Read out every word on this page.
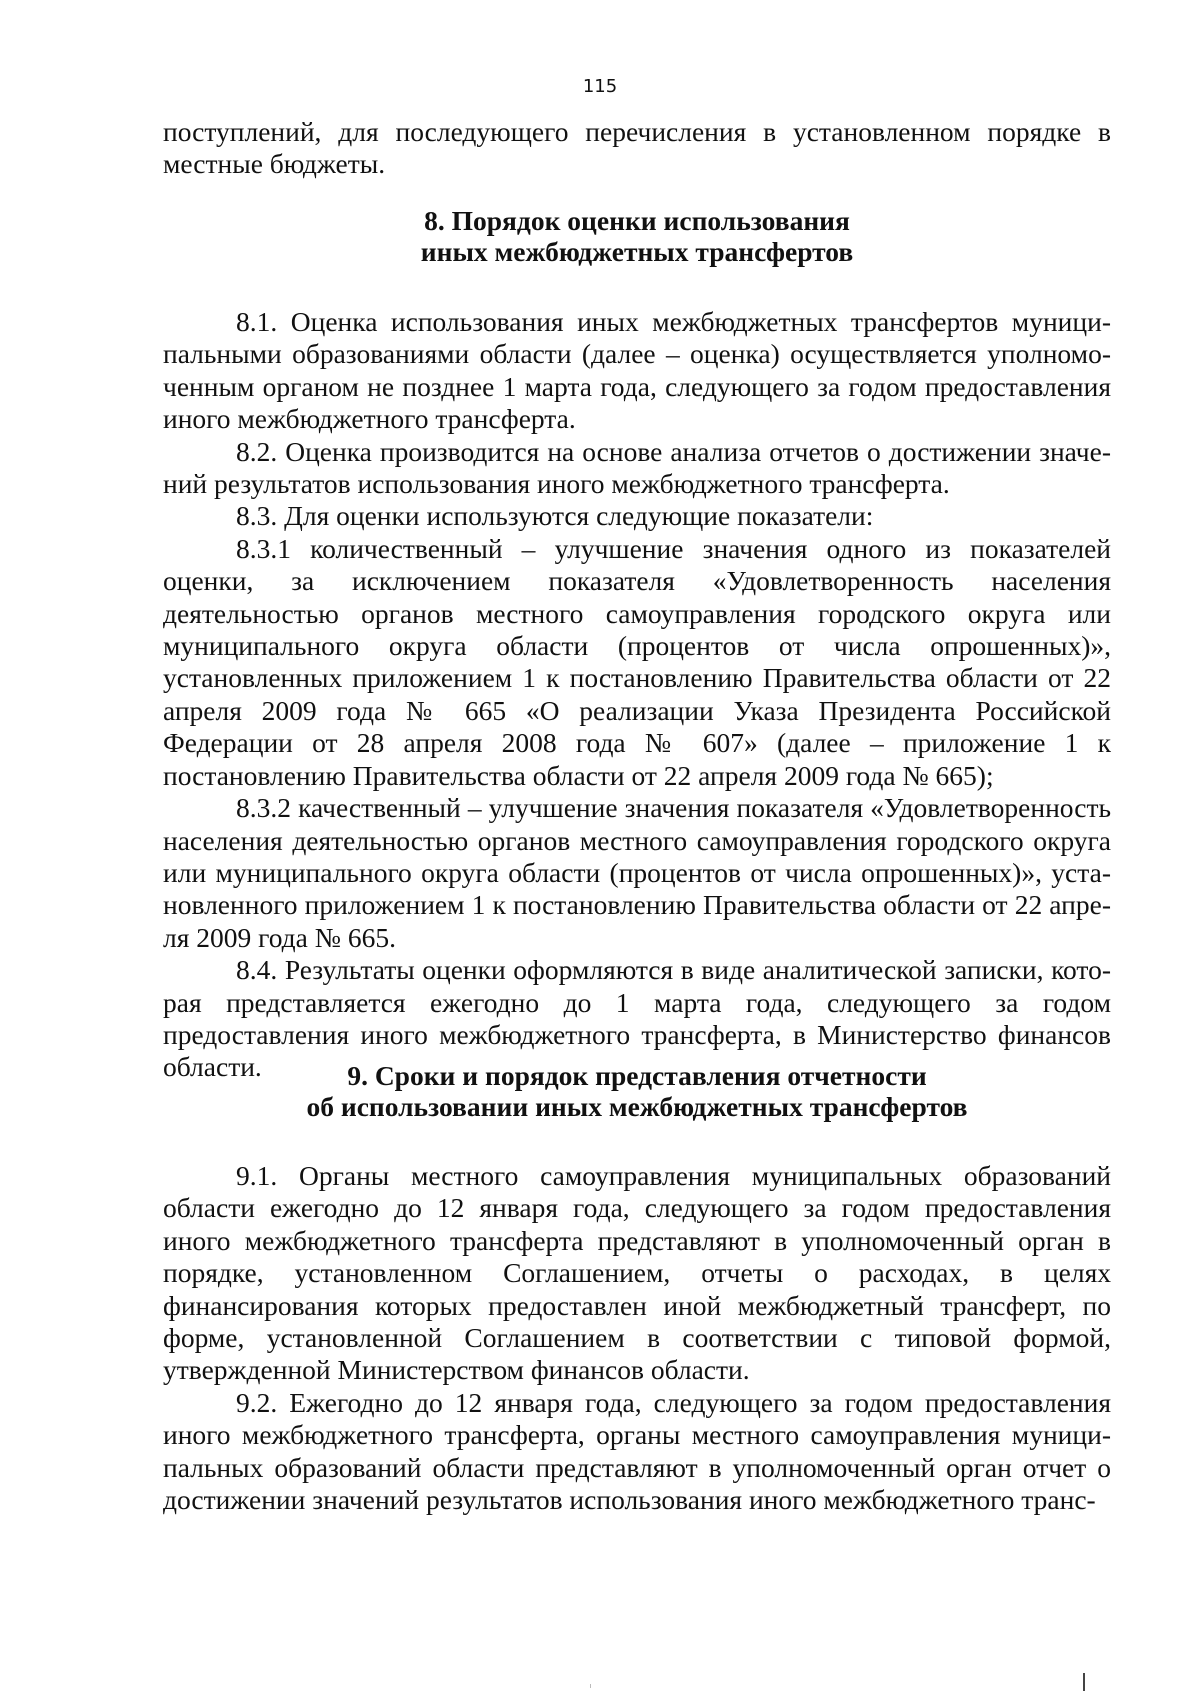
115

поступлений, для последующего перечисления в установленном порядке в местные бюджеты.

8. Порядок оценки использования
иных межбюджетных трансфертов

8.1. Оценка использования иных межбюджетных трансфертов муниципальными образованиями области (далее – оценка) осуществляется уполномоченным органом не позднее 1 марта года, следующего за годом предоставления иного межбюджетного трансферта.

8.2. Оценка производится на основе анализа отчетов о достижении значений результатов использования иного межбюджетного трансферта.

8.3. Для оценки используются следующие показатели:

8.3.1 количественный – улучшение значения одного из показателей оценки, за исключением показателя «Удовлетворенность населения деятельностью органов местного самоуправления городского округа или муниципального округа области (процентов от числа опрошенных)», установленных приложением 1 к постановлению Правительства области от 22 апреля 2009 года № 665 «О реализации Указа Президента Российской Федерации от 28 апреля 2008 года № 607» (далее – приложение 1 к постановлению Правительства области от 22 апреля 2009 года № 665);

8.3.2 качественный – улучшение значения показателя «Удовлетворенность населения деятельностью органов местного самоуправления городского округа или муниципального округа области (процентов от числа опрошенных)», установленного приложением 1 к постановлению Правительства области от 22 апреля 2009 года № 665.

8.4. Результаты оценки оформляются в виде аналитической записки, которая представляется ежегодно до 1 марта года, следующего за годом предоставления иного межбюджетного трансферта, в Министерство финансов области.	9. Сроки и порядок представления отчетности
об использовании иных межбюджетных трансфертов

9.1. Органы местного самоуправления муниципальных образований области ежегодно до 12 января года, следующего за годом предоставления иного межбюджетного трансферта представляют в уполномоченный орган в порядке, установленном Соглашением, отчеты о расходах, в целях финансирования которых предоставлен иной межбюджетный трансферт, по форме, установленной Соглашением в соответствии с типовой формой, утвержденной Министерством финансов области.

9.2. Ежегодно до 12 января года, следующего за годом предоставления иного межбюджетного трансферта, органы местного самоуправления муниципальных образований области представляют в уполномоченный орган отчет о достижении значений результатов использования иного межбюджетного транс-
